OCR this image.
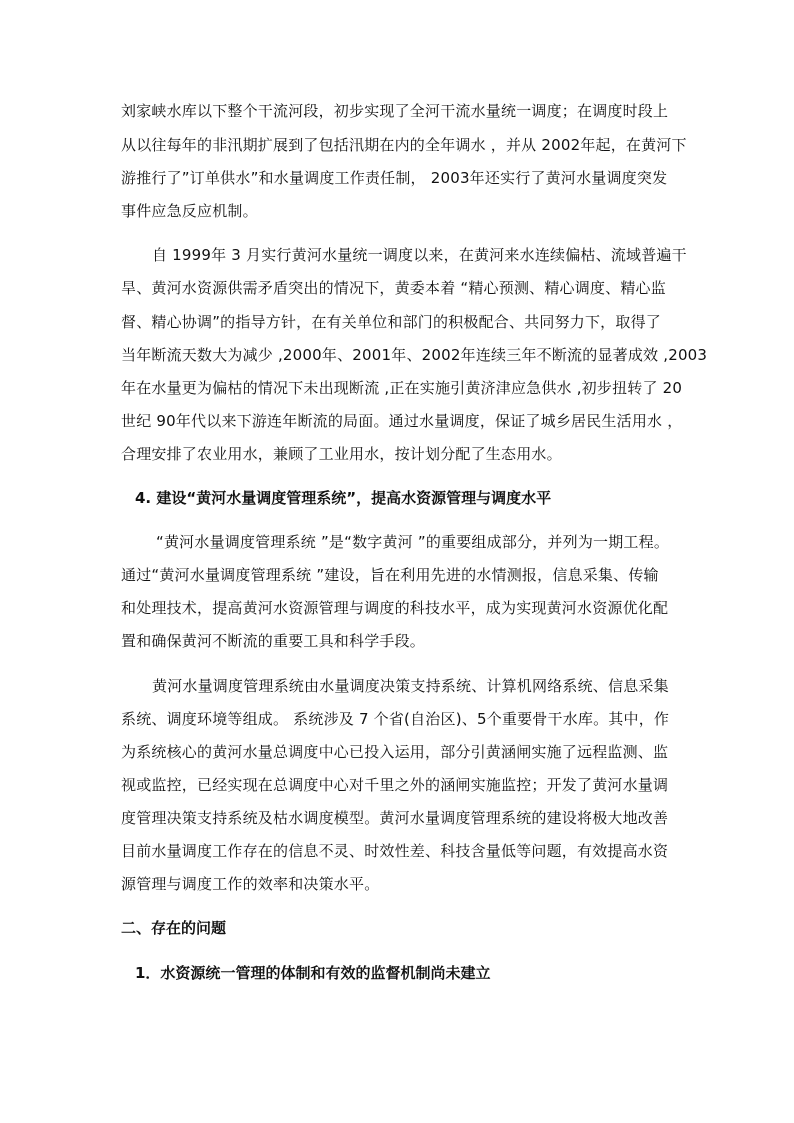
刘家峡水库以下整个干流河段，初步实现了全河干流水量统一调度；在调度时段上
从以往每年的非汛期扩展到了包括汛期在内的全年调水 ，并从 2002年起，在黄河下
游推行了”订单供水”和水量调度工作责任制， 2003年还实行了黄河水量调度突发
事件应急反应机制。
自 1999年 3 月实行黄河水量统一调度以来，在黄河来水连续偏枯、流域普遍干
旱、黄河水资源供需矛盾突出的情况下，黄委本着 “精心预测、精心调度、精心监
督、精心协调”的指导方针，在有关单位和部门的积极配合、共同努力下，取得了
当年断流天数大为减少 ,2000年、2001年、2002年连续三年不断流的显著成效 ,2003
年在水量更为偏枯的情况下未出现断流 ,正在实施引黄济津应急供水 ,初步扭转了 20
世纪 90年代以来下游连年断流的局面。通过水量调度，保证了城乡居民生活用水 ，
合理安排了农业用水，兼顾了工业用水，按计划分配了生态用水。
4. 建设“黄河水量调度管理系统”，提高水资源管理与调度水平
“黄河水量调度管理系统 ”是“数字黄河 ”的重要组成部分，并列为一期工程。
通过“黄河水量调度管理系统 ”建设，旨在利用先进的水情测报，信息采集、传输
和处理技术，提高黄河水资源管理与调度的科技水平，成为实现黄河水资源优化配
置和确保黄河不断流的重要工具和科学手段。
黄河水量调度管理系统由水量调度决策支持系统、计算机网络系统、信息采集
系统、调度环境等组成。 系统涉及 7 个省(自治区)、5个重要骨干水库。其中，作
为系统核心的黄河水量总调度中心已投入运用，部分引黄涵闸实施了远程监测、监
视或监控，已经实现在总调度中心对千里之外的涵闸实施监控；开发了黄河水量调
度管理决策支持系统及枯水调度模型。黄河水量调度管理系统的建设将极大地改善
目前水量调度工作存在的信息不灵、时效性差、科技含量低等问题，有效提高水资
源管理与调度工作的效率和决策水平。
二、存在的问题
1．水资源统一管理的体制和有效的监督机制尚未建立
